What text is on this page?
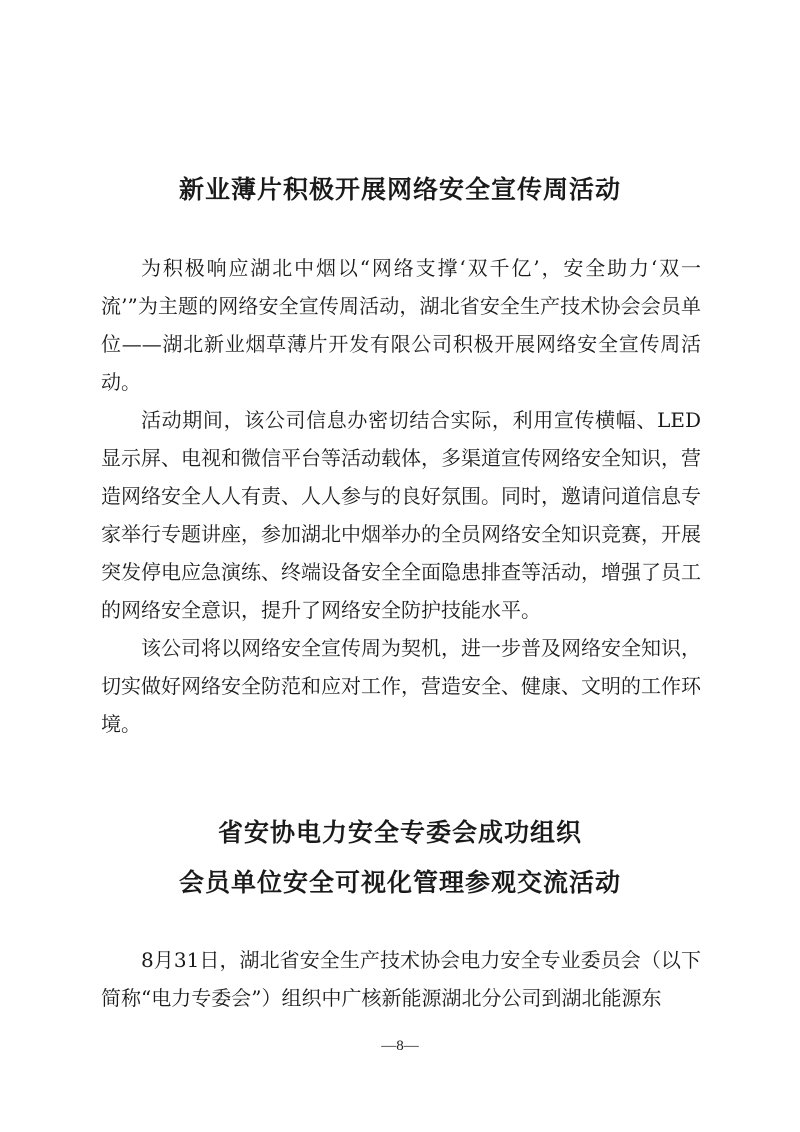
新业薄片积极开展网络安全宣传周活动

为积极响应湖北中烟以“网络支撑‘双千亿’，安全助力‘双一流’”为主题的网络安全宣传周活动，湖北省安全生产技术协会会员单位——湖北新业烟草薄片开发有限公司积极开展网络安全宣传周活动。

活动期间，该公司信息办密切结合实际，利用宣传横幅、LED显示屏、电视和微信平台等活动载体，多渠道宣传网络安全知识，营造网络安全人人有责、人人参与的良好氛围。同时，邀请问道信息专家举行专题讲座，参加湖北中烟举办的全员网络安全知识竞赛，开展突发停电应急演练、终端设备安全全面隐患排查等活动，增强了员工的网络安全意识，提升了网络安全防护技能水平。

该公司将以网络安全宣传周为契机，进一步普及网络安全知识，切实做好网络安全防范和应对工作，营造安全、健康、文明的工作环境。

省安协电力安全专委会成功组织
会员单位安全可视化管理参观交流活动

8月31日，湖北省安全生产技术协会电力安全专业委员会（以下简称“电力专委会”）组织中广核新能源湖北分公司到湖北能源东

—8—
